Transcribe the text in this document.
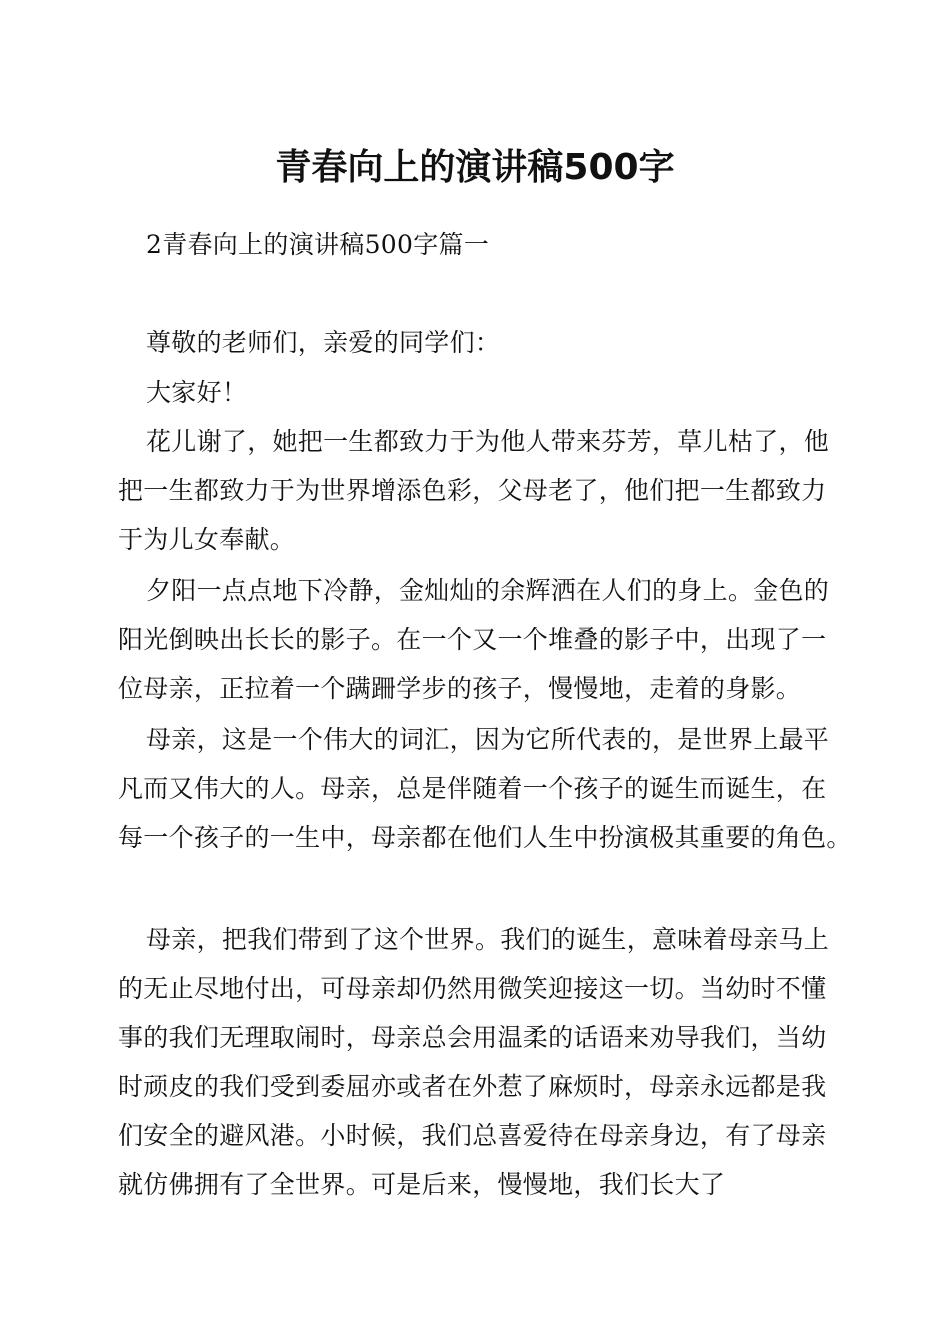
青春向上的演讲稿500字
2青春向上的演讲稿500字篇一
尊敬的老师们，亲爱的同学们：
大家好！
花儿谢了，她把一生都致力于为他人带来芬芳，草儿枯了，他
把一生都致力于为世界增添色彩，父母老了，他们把一生都致力
于为儿女奉献。
夕阳一点点地下冷静，金灿灿的余辉洒在人们的身上。金色的
阳光倒映出长长的影子。在一个又一个堆叠的影子中，出现了一
位母亲，正拉着一个蹒跚学步的孩子，慢慢地，走着的身影。
母亲，这是一个伟大的词汇，因为它所代表的，是世界上最平
凡而又伟大的人。母亲，总是伴随着一个孩子的诞生而诞生，在
每一个孩子的一生中，母亲都在他们人生中扮演极其重要的角色。
母亲，把我们带到了这个世界。我们的诞生，意味着母亲马上
的无止尽地付出，可母亲却仍然用微笑迎接这一切。当幼时不懂
事的我们无理取闹时，母亲总会用温柔的话语来劝导我们，当幼
时顽皮的我们受到委屈亦或者在外惹了麻烦时，母亲永远都是我
们安全的避风港。小时候，我们总喜爱待在母亲身边，有了母亲
就仿佛拥有了全世界。可是后来，慢慢地，我们长大了
